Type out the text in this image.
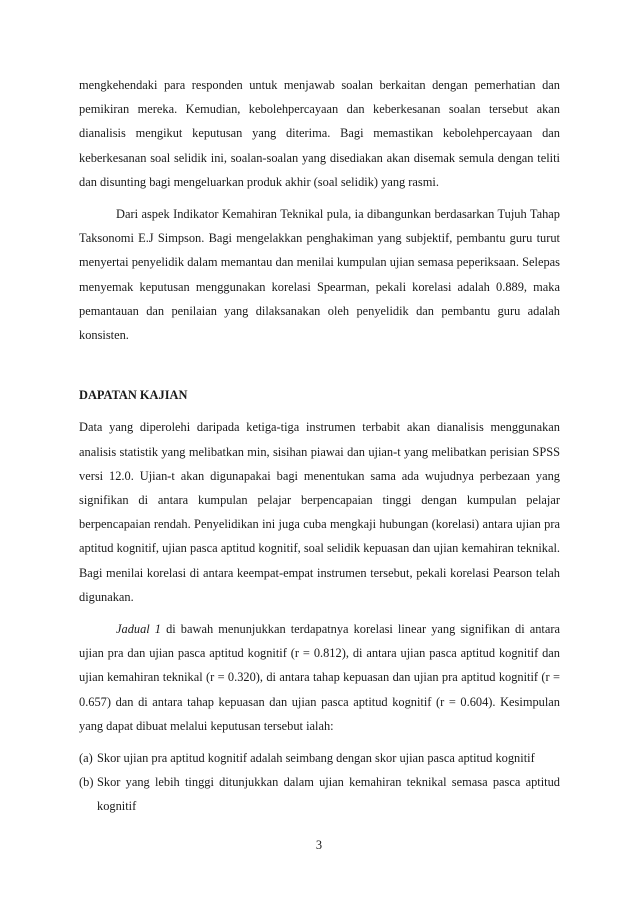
mengkehendaki para responden untuk menjawab soalan berkaitan dengan pemerhatian dan pemikiran mereka. Kemudian, kebolehpercayaan dan keberkesanan soalan tersebut akan dianalisis mengikut keputusan yang diterima. Bagi memastikan kebolehpercayaan dan keberkesanan soal selidik ini, soalan-soalan yang disediakan akan disemak semula dengan teliti dan disunting bagi mengeluarkan produk akhir (soal selidik) yang rasmi.

Dari aspek Indikator Kemahiran Teknikal pula, ia dibangunkan berdasarkan Tujuh Tahap Taksonomi E.J Simpson. Bagi mengelakkan penghakiman yang subjektif, pembantu guru turut menyertai penyelidik dalam memantau dan menilai kumpulan ujian semasa peperiksaan. Selepas menyemak keputusan menggunakan korelasi Spearman, pekali korelasi adalah 0.889, maka pemantauan dan penilaian yang dilaksanakan oleh penyelidik dan pembantu guru adalah konsisten.

DAPATAN KAJIAN

Data yang diperolehi daripada ketiga-tiga instrumen terbabit akan dianalisis menggunakan analisis statistik yang melibatkan min, sisihan piawai dan ujian-t yang melibatkan perisian SPSS versi 12.0. Ujian-t akan digunapakai bagi menentukan sama ada wujudnya perbezaan yang signifikan di antara kumpulan pelajar berpencapaian tinggi dengan kumpulan pelajar berpencapaian rendah. Penyelidikan ini juga cuba mengkaji hubungan (korelasi) antara ujian pra aptitud kognitif, ujian pasca aptitud kognitif, soal selidik kepuasan dan ujian kemahiran teknikal. Bagi menilai korelasi di antara keempat-empat instrumen tersebut, pekali korelasi Pearson telah digunakan.

Jadual 1 di bawah menunjukkan terdapatnya korelasi linear yang signifikan di antara ujian pra dan ujian pasca aptitud kognitif (r = 0.812), di antara ujian pasca aptitud kognitif dan ujian kemahiran teknikal (r = 0.320), di antara tahap kepuasan dan ujian pra aptitud kognitif (r = 0.657) dan di antara tahap kepuasan dan ujian pasca aptitud kognitif (r = 0.604). Kesimpulan yang dapat dibuat melalui keputusan tersebut ialah:

(a) Skor ujian pra aptitud kognitif adalah seimbang dengan skor ujian pasca aptitud kognitif
(b) Skor yang lebih tinggi ditunjukkan dalam ujian kemahiran teknikal semasa pasca aptitud kognitif
3
